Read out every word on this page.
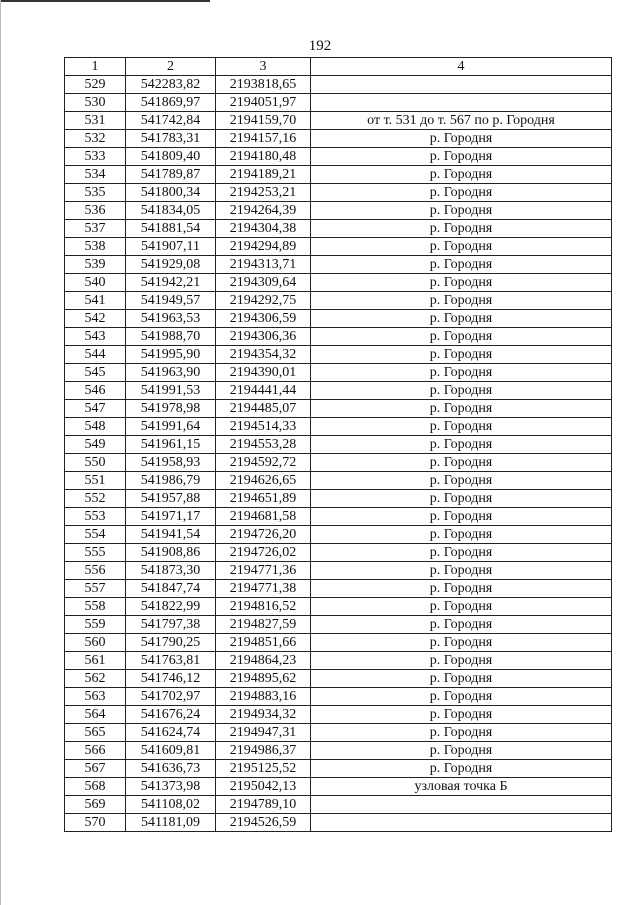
192
1	2	3	4
529	542283,82	2193818,65	
530	541869,97	2194051,97	
531	541742,84	2194159,70	от т. 531 до т. 567 по р. Городня
532	541783,31	2194157,16	р. Городня
533	541809,40	2194180,48	р. Городня
534	541789,87	2194189,21	р. Городня
535	541800,34	2194253,21	р. Городня
536	541834,05	2194264,39	р. Городня
537	541881,54	2194304,38	р. Городня
538	541907,11	2194294,89	р. Городня
539	541929,08	2194313,71	р. Городня
540	541942,21	2194309,64	р. Городня
541	541949,57	2194292,75	р. Городня
542	541963,53	2194306,59	р. Городня
543	541988,70	2194306,36	р. Городня
544	541995,90	2194354,32	р. Городня
545	541963,90	2194390,01	р. Городня
546	541991,53	2194441,44	р. Городня
547	541978,98	2194485,07	р. Городня
548	541991,64	2194514,33	р. Городня
549	541961,15	2194553,28	р. Городня
550	541958,93	2194592,72	р. Городня
551	541986,79	2194626,65	р. Городня
552	541957,88	2194651,89	р. Городня
553	541971,17	2194681,58	р. Городня
554	541941,54	2194726,20	р. Городня
555	541908,86	2194726,02	р. Городня
556	541873,30	2194771,36	р. Городня
557	541847,74	2194771,38	р. Городня
558	541822,99	2194816,52	р. Городня
559	541797,38	2194827,59	р. Городня
560	541790,25	2194851,66	р. Городня
561	541763,81	2194864,23	р. Городня
562	541746,12	2194895,62	р. Городня
563	541702,97	2194883,16	р. Городня
564	541676,24	2194934,32	р. Городня
565	541624,74	2194947,31	р. Городня
566	541609,81	2194986,37	р. Городня
567	541636,73	2195125,52	р. Городня
568	541373,98	2195042,13	узловая точка Б
569	541108,02	2194789,10	
570	541181,09	2194526,59	
